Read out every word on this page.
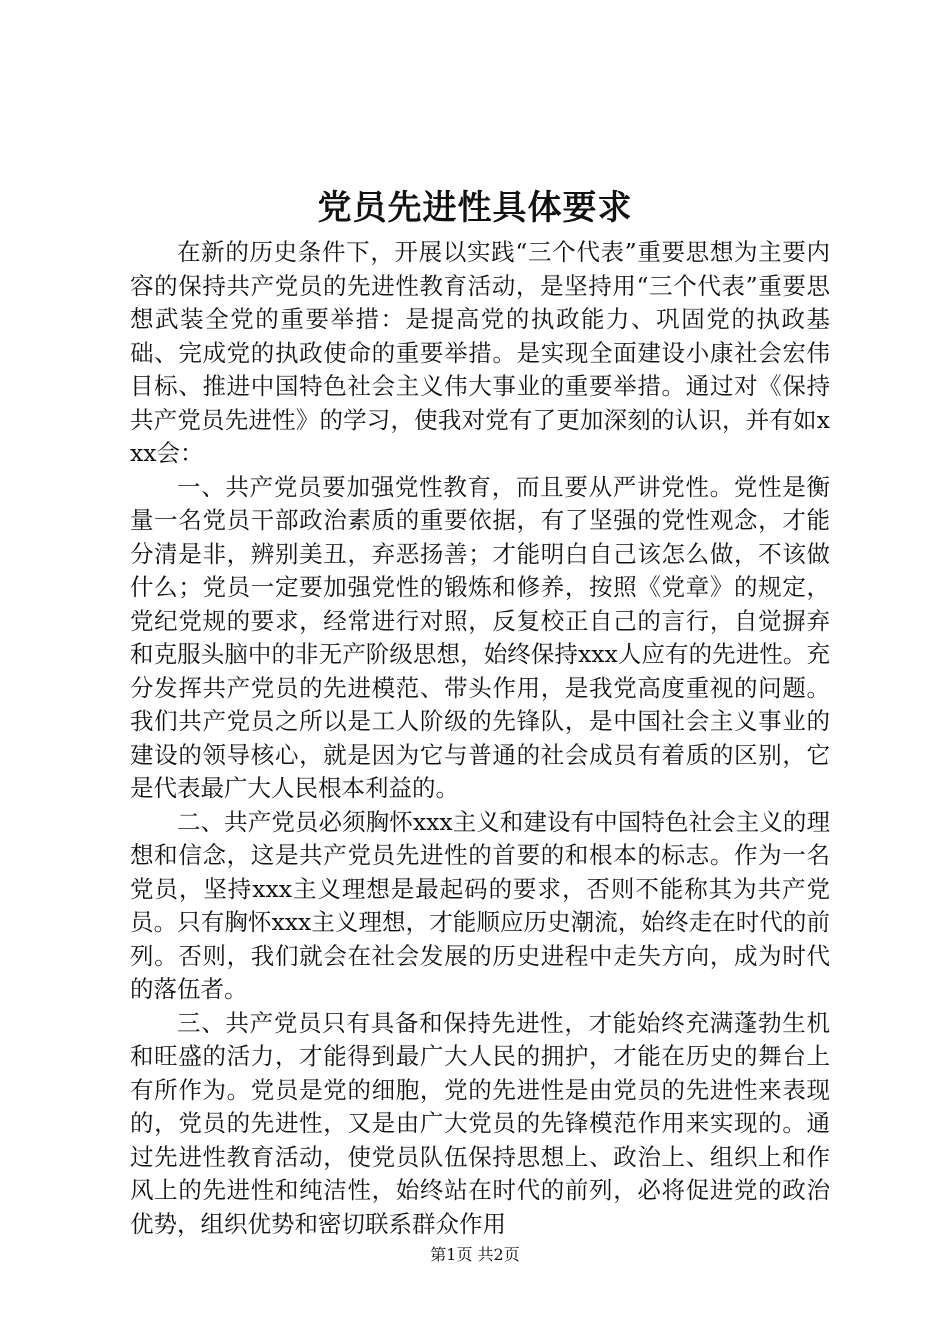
党员先进性具体要求

在新的历史条件下，开展以实践“三个代表”重要思想为主要内容的保持共产党员的先进性教育活动，是坚持用“三个代表”重要思想武装全党的重要举措：是提高党的执政能力、巩固党的执政基础、完成党的执政使命的重要举措。是实现全面建设小康社会宏伟目标、推进中国特色社会主义伟大事业的重要举措。通过对《保持共产党员先进性》的学习，使我对党有了更加深刻的认识，并有如xxx会：

一、共产党员要加强党性教育，而且要从严讲党性。党性是衡量一名党员干部政治素质的重要依据，有了坚强的党性观念，才能分清是非，辨别美丑，弃恶扬善；才能明白自己该怎么做，不该做什么；党员一定要加强党性的锻炼和修养，按照《党章》的规定，党纪党规的要求，经常进行对照，反复校正自己的言行，自觉摒弃和克服头脑中的非无产阶级思想，始终保持xxx人应有的先进性。充分发挥共产党员的先进模范、带头作用，是我党高度重视的问题。我们共产党员之所以是工人阶级的先锋队，是中国社会主义事业的建设的领导核心，就是因为它与普通的社会成员有着质的区别，它是代表最广大人民根本利益的。

二、共产党员必须胸怀xxx主义和建设有中国特色社会主义的理想和信念，这是共产党员先进性的首要的和根本的标志。作为一名党员，坚持xxx主义理想是最起码的要求，否则不能称其为共产党员。只有胸怀xxx主义理想，才能顺应历史潮流，始终走在时代的前列。否则，我们就会在社会发展的历史进程中走失方向，成为时代的落伍者。

三、共产党员只有具备和保持先进性，才能始终充满蓬勃生机和旺盛的活力，才能得到最广大人民的拥护，才能在历史的舞台上有所作为。党员是党的细胞，党的先进性是由党员的先进性来表现的，党员的先进性，又是由广大党员的先锋模范作用来实现的。通过先进性教育活动，使党员队伍保持思想上、政治上、组织上和作风上的先进性和纯洁性，始终站在时代的前列，必将促进党的政治优势，组织优势和密切联系群众作用

第1页 共2页
